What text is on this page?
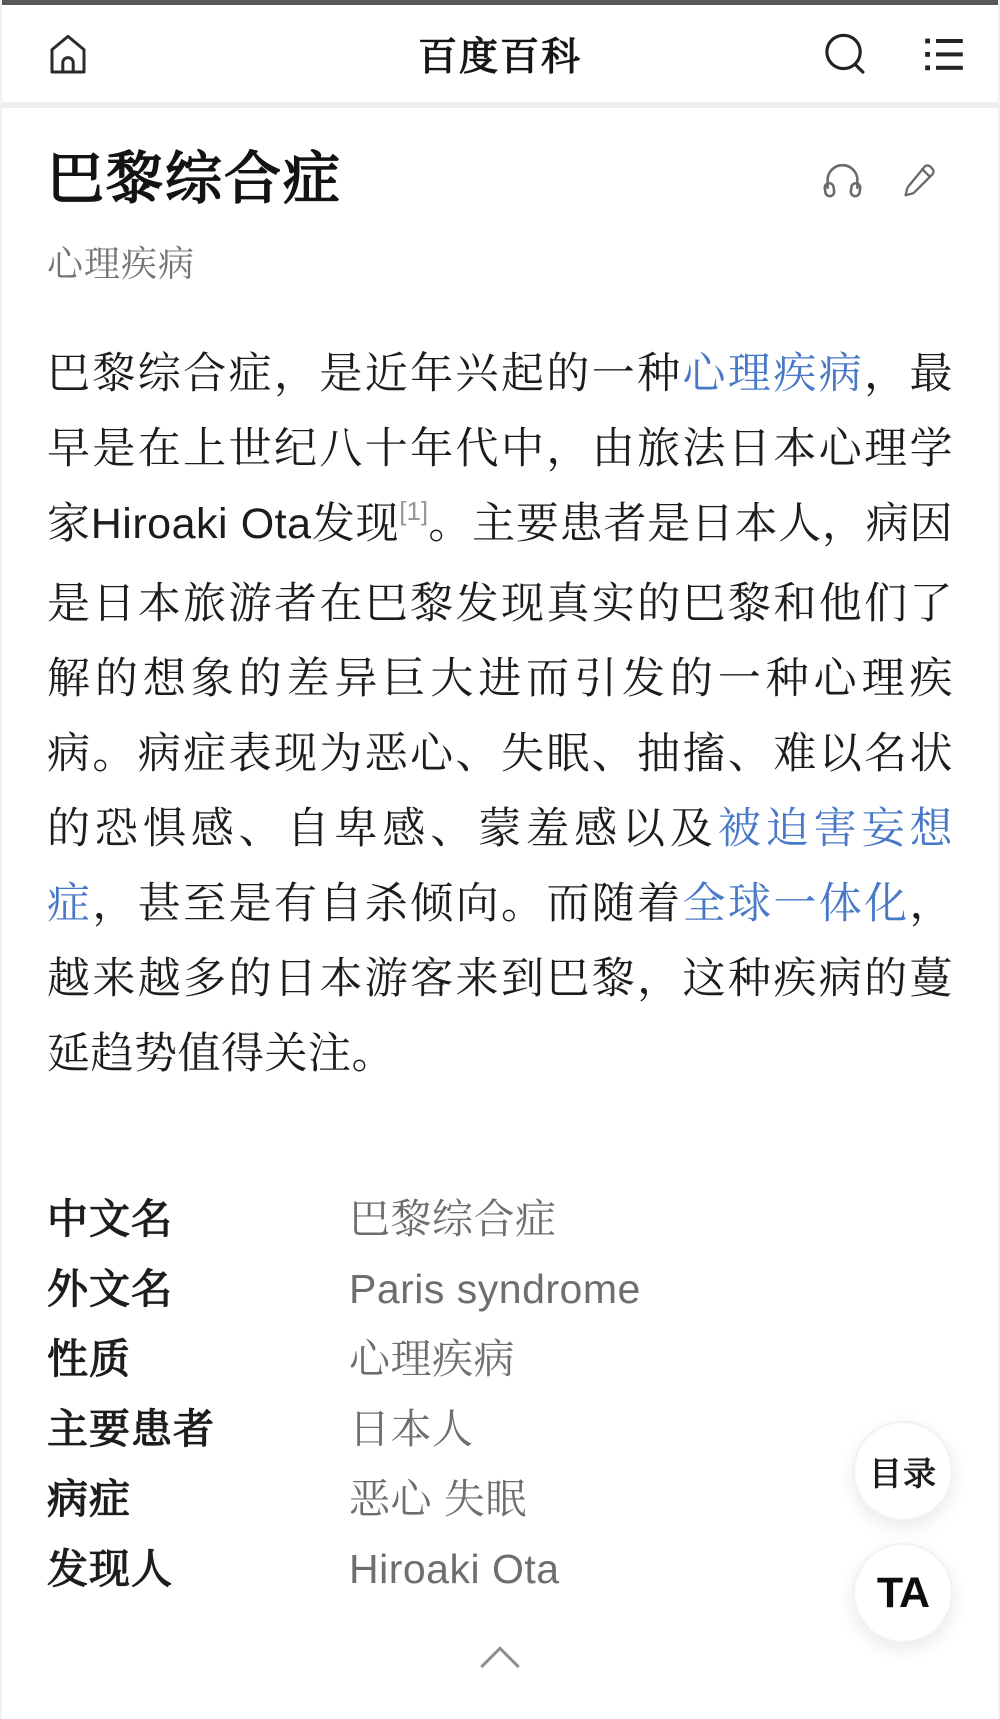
百度百科
巴黎综合症
心理疾病

巴黎综合症，是近年兴起的一种心理疾病，最早是在上世纪八十年代中，由旅法日本心理学家Hiroaki Ota发现[1]。主要患者是日本人，病因是日本旅游者在巴黎发现真实的巴黎和他们了解的想象的差异巨大进而引发的一种心理疾病。病症表现为恶心、失眠、抽搐、难以名状的恐惧感、自卑感、蒙羞感以及被迫害妄想症，甚至是有自杀倾向。而随着全球一体化，越来越多的日本游客来到巴黎，这种疾病的蔓延趋势值得关注。

中文名	巴黎综合症
外文名	Paris syndrome
性质	心理疾病
主要患者	日本人
病症	恶心 失眠
发现人	Hiroaki Ota
目录
TA
